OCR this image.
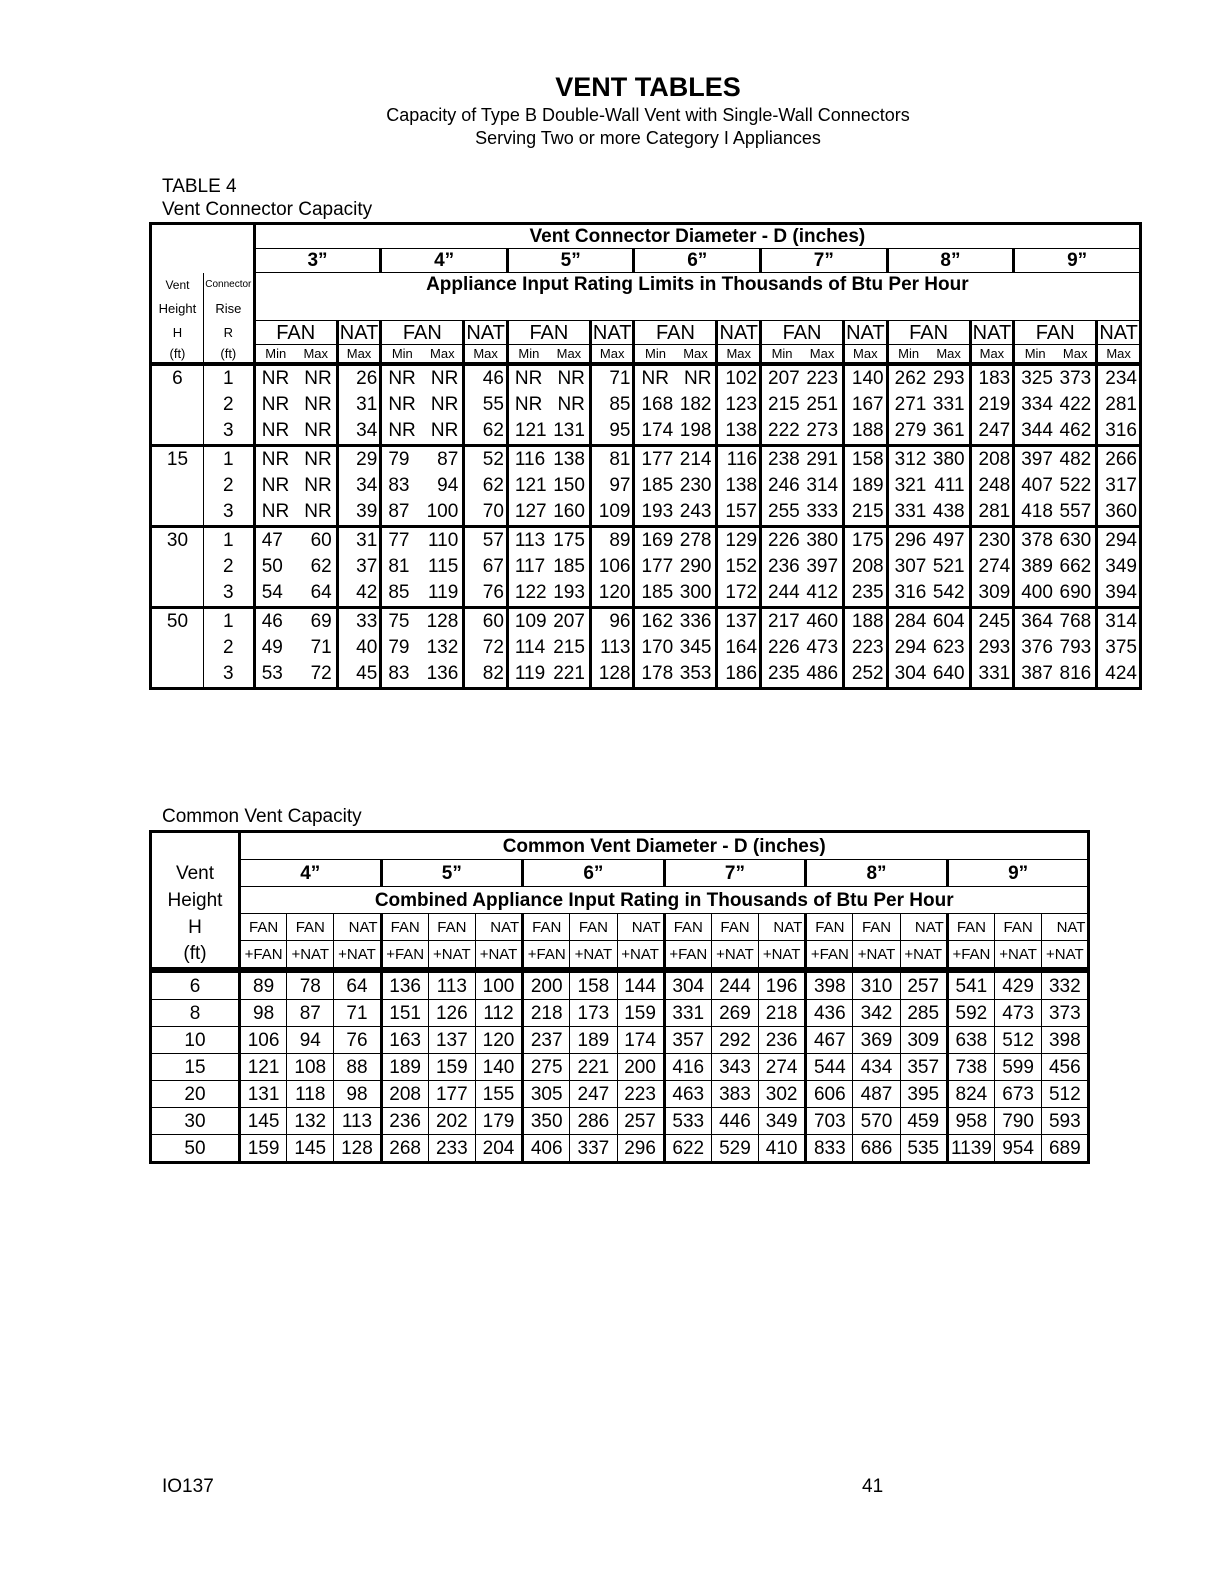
VENT TABLES
Capacity of Type B Double-Wall Vent with Single-Wall Connectors
Serving Two or more Category I Appliances
TABLE 4
Vent Connector Capacity
		Vent Connector Diameter - D (inches)																				
		3”			4”			5”			6”			7”			8”			9”		
Vent	Connector	Appliance Input Rating Limits in Thousands of Btu Per Hour																				
Height	Rise																					
H	R	FAN		NAT	FAN		NAT	FAN		NAT	FAN		NAT	FAN		NAT	FAN		NAT	FAN		NAT
(ft)	(ft)	Min	Max	Max	Min	Max	Max	Min	Max	Max	Min	Max	Max	Min	Max	Max	Min	Max	Max	Min	Max	Max
6	1	NR	NR	26	NR	NR	46	NR	NR	71	NR	NR	102	207	223	140	262	293	183	325	373	234
	2	NR	NR	31	NR	NR	55	NR	NR	85	168	182	123	215	251	167	271	331	219	334	422	281
	3	NR	NR	34	NR	NR	62	121	131	95	174	198	138	222	273	188	279	361	247	344	462	316
15	1	NR	NR	29	79	87	52	116	138	81	177	214	116	238	291	158	312	380	208	397	482	266
	2	NR	NR	34	83	94	62	121	150	97	185	230	138	246	314	189	321	411	248	407	522	317
	3	NR	NR	39	87	100	70	127	160	109	193	243	157	255	333	215	331	438	281	418	557	360
30	1	47	60	31	77	110	57	113	175	89	169	278	129	226	380	175	296	497	230	378	630	294
	2	50	62	37	81	115	67	117	185	106	177	290	152	236	397	208	307	521	274	389	662	349
	3	54	64	42	85	119	76	122	193	120	185	300	172	244	412	235	316	542	309	400	690	394
50	1	46	69	33	75	128	60	109	207	96	162	336	137	217	460	188	284	604	245	364	768	314
	2	49	71	40	79	132	72	114	215	113	170	345	164	226	473	223	294	623	293	376	793	375
	3	53	72	45	83	136	82	119	221	128	178	353	186	235	486	252	304	640	331	387	816	424
Common Vent Capacity
	Common Vent Diameter - D (inches)																	
Vent	4”			5”			6”			7”			8”			9”		
Height	Combined Appliance Input Rating in Thousands of Btu Per Hour																	
H	FAN	FAN	NAT	FAN	FAN	NAT	FAN	FAN	NAT	FAN	FAN	NAT	FAN	FAN	NAT	FAN	FAN	NAT
(ft)	+FAN	+NAT	+NAT	+FAN	+NAT	+NAT	+FAN	+NAT	+NAT	+FAN	+NAT	+NAT	+FAN	+NAT	+NAT	+FAN	+NAT	+NAT
6	89	78	64	136	113	100	200	158	144	304	244	196	398	310	257	541	429	332
8	98	87	71	151	126	112	218	173	159	331	269	218	436	342	285	592	473	373
10	106	94	76	163	137	120	237	189	174	357	292	236	467	369	309	638	512	398
15	121	108	88	189	159	140	275	221	200	416	343	274	544	434	357	738	599	456
20	131	118	98	208	177	155	305	247	223	463	383	302	606	487	395	824	673	512
30	145	132	113	236	202	179	350	286	257	533	446	349	703	570	459	958	790	593
50	159	145	128	268	233	204	406	337	296	622	529	410	833	686	535	1139	954	689
IO137	41
